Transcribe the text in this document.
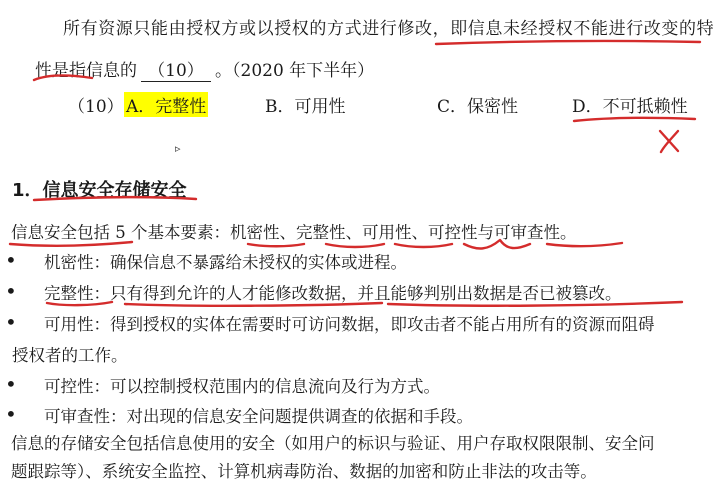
所有资源只能由授权方或以授权的方式进行修改，即信息未经授权不能进行改变的特
性是指信息的 （10） 。（2020 年下半年）
（10） A．完整性	B．可用性	C．保密性	D．不可抵赖性
▹
1．信息安全存储安全
信息安全包括 5 个基本要素：机密性、完整性、可用性、可控性与可审查性。
• 机密性：确保信息不暴露给未授权的实体或进程。
• 完整性：只有得到允许的人才能修改数据，并且能够判别出数据是否已被篡改。
• 可用性：得到授权的实体在需要时可访问数据，即攻击者不能占用所有的资源而阻碍
授权者的工作。
• 可控性：可以控制授权范围内的信息流向及行为方式。
• 可审查性：对出现的信息安全问题提供调查的依据和手段。
信息的存储安全包括信息使用的安全（如用户的标识与验证、用户存取权限限制、安全问
题跟踪等）、系统安全监控、计算机病毒防治、数据的加密和防止非法的攻击等。
